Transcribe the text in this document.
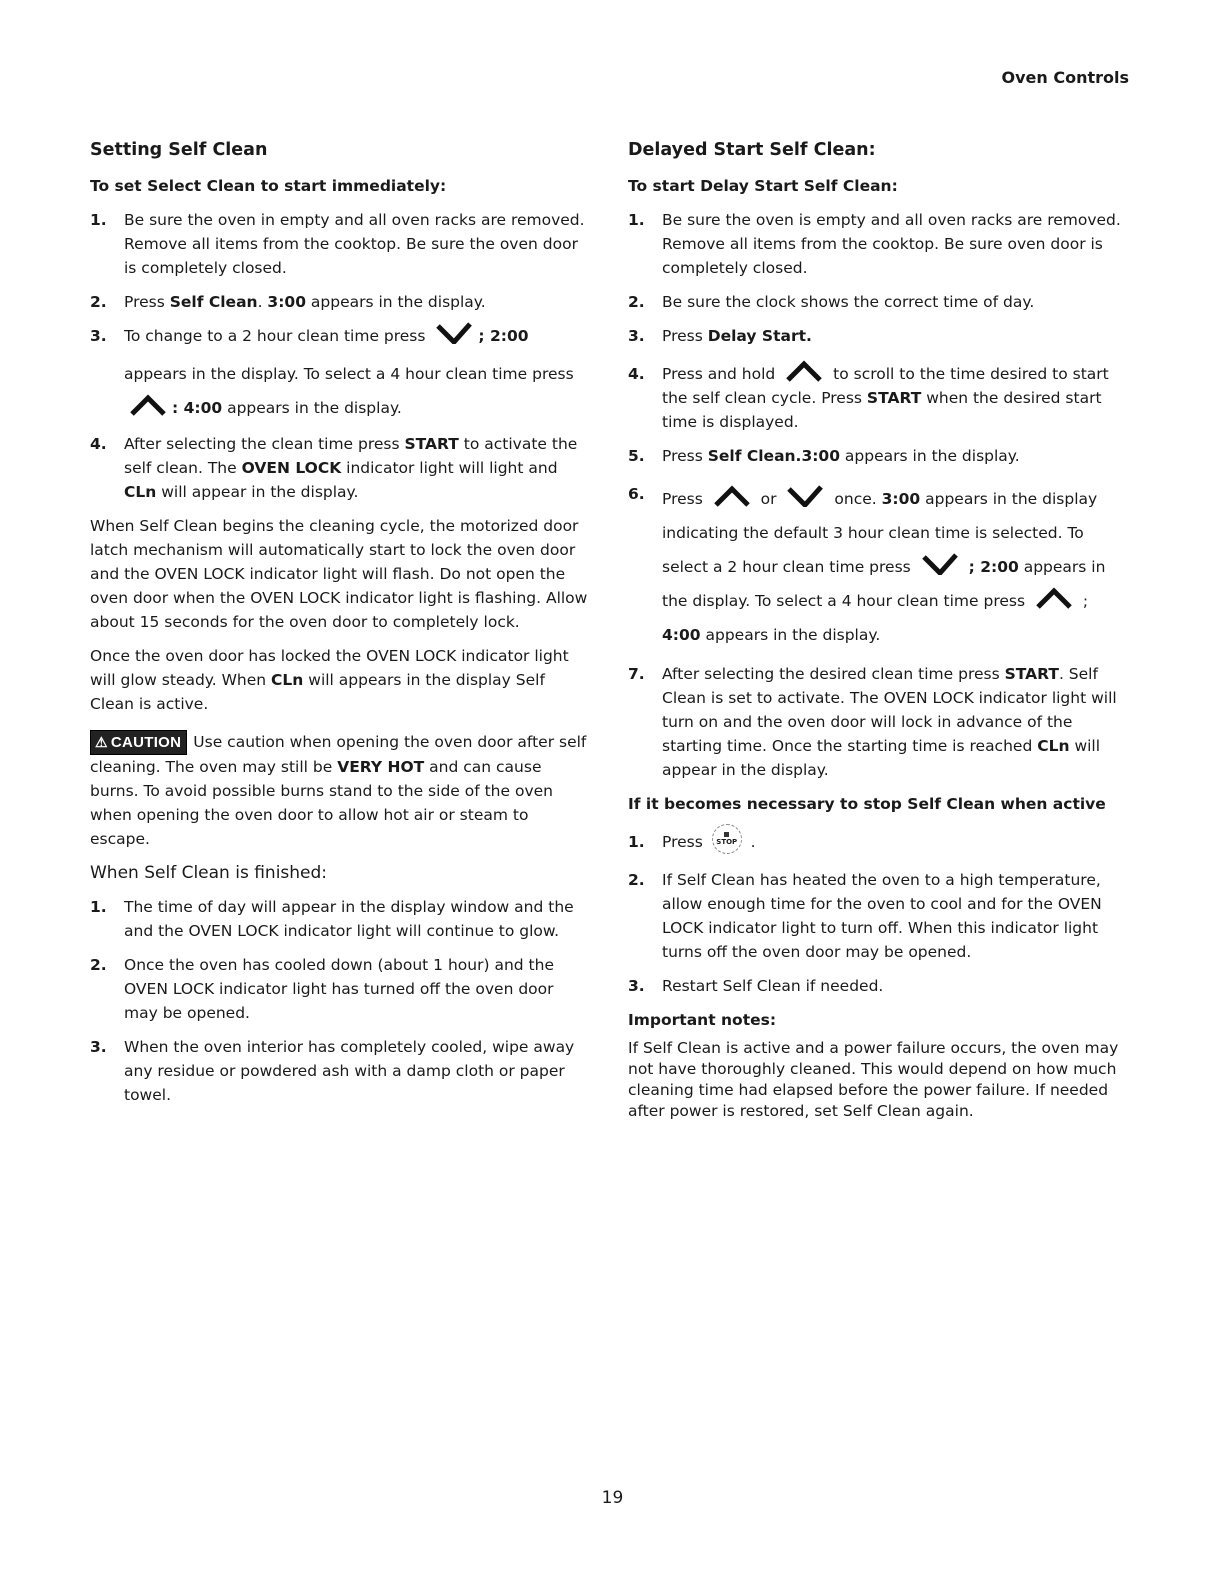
Oven Controls
Setting Self Clean
To set Select Clean to start immediately:
1. Be sure the oven in empty and all oven racks are removed. Remove all items from the cooktop. Be sure the oven door is completely closed.
2. Press Self Clean. 3:00 appears in the display.
3. To change to a 2 hour clean time press	; 2:00
appears in the display. To select a 4 hour clean time press
: 4:00 appears in the display.
4. After selecting the clean time press START to activate the self clean. The OVEN LOCK indicator light will light and CLn will appear in the display.

When Self Clean begins the cleaning cycle, the motorized door latch mechanism will automatically start to lock the oven door and the OVEN LOCK indicator light will flash. Do not open the oven door when the OVEN LOCK indicator light is flashing. Allow about 15 seconds for the oven door to completely lock.

Once the oven door has locked the OVEN LOCK indicator light will glow steady. When CLn will appears in the display Self Clean is active.

⚠ CAUTION Use caution when opening the oven door after self cleaning. The oven may still be VERY HOT and can cause burns. To avoid possible burns stand to the side of the oven when opening the oven door to allow hot air or steam to escape.

When Self Clean is finished:
1. The time of day will appear in the display window and the and the OVEN LOCK indicator light will continue to glow.
2. Once the oven has cooled down (about 1 hour) and the OVEN LOCK indicator light has turned off the oven door may be opened.
3. When the oven interior has completely cooled, wipe away any residue or powdered ash with a damp cloth or paper towel.
Delayed Start Self Clean:
To start Delay Start Self Clean:
1. Be sure the oven is empty and all oven racks are removed. Remove all items from the cooktop. Be sure oven door is completely closed.
2. Be sure the clock shows the correct time of day.
3. Press Delay Start.
4. Press and hold	to scroll to the time desired to start the self clean cycle. Press START when the desired start time is displayed.
5. Press Self Clean.3:00 appears in the display.
6. Press	or	once. 3:00 appears in the display indicating the default 3 hour clean time is selected. To select a 2 hour clean time press	; 2:00 appears in the display. To select a 4 hour clean time press	; 4:00 appears in the display.
7. After selecting the desired clean time press START. Self Clean is set to activate. The OVEN LOCK indicator light will turn on and the oven door will lock in advance of the starting time. Once the starting time is reached CLn will appear in the display.
If it becomes necessary to stop Self Clean when active
1. Press STOP .
2. If Self Clean has heated the oven to a high temperature, allow enough time for the oven to cool and for the OVEN LOCK indicator light to turn off. When this indicator light turns off the oven door may be opened.
3. Restart Self Clean if needed.
Important notes:

If Self Clean is active and a power failure occurs, the oven may not have thoroughly cleaned. This would depend on how much cleaning time had elapsed before the power failure. If needed after power is restored, set Self Clean again.

19
